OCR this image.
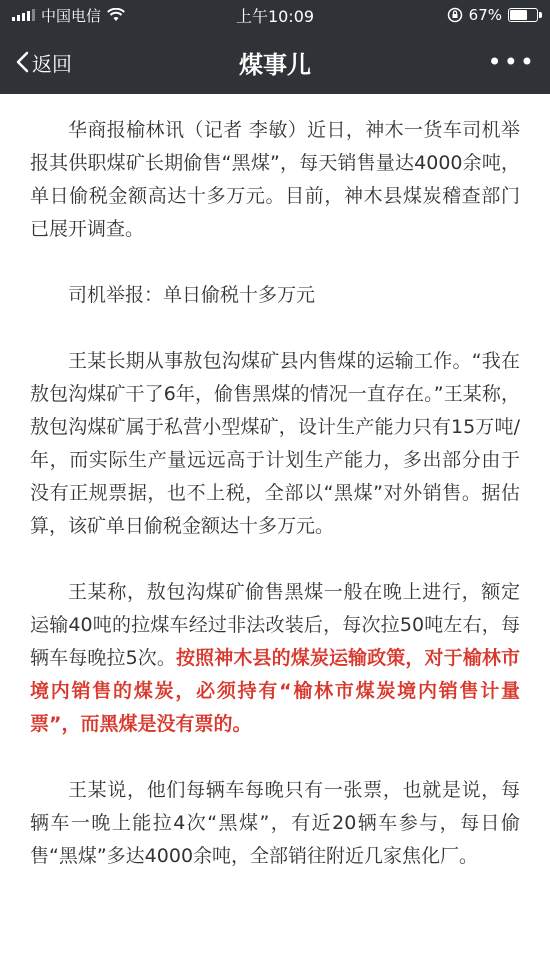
中国电信	上午10:09	67%
返回	煤事儿	•••

华商报榆林讯（记者 李敏）近日，神木一货车司机举报其供职煤矿长期偷售“黑煤”，每天销售量达4000余吨，单日偷税金额高达十多万元。目前，神木县煤炭稽查部门已展开调查。

司机举报：单日偷税十多万元

王某长期从事敖包沟煤矿县内售煤的运输工作。“我在敖包沟煤矿干了6年，偷售黑煤的情况一直存在。”王某称，敖包沟煤矿属于私营小型煤矿，设计生产能力只有15万吨/年，而实际生产量远远高于计划生产能力，多出部分由于没有正规票据，也不上税，全部以“黑煤”对外销售。据估算，该矿单日偷税金额达十多万元。

王某称，敖包沟煤矿偷售黑煤一般在晚上进行，额定运输40吨的拉煤车经过非法改装后，每次拉50吨左右，每辆车每晚拉5次。按照神木县的煤炭运输政策，对于榆林市境内销售的煤炭，必须持有“榆林市煤炭境内销售计量票”，而黑煤是没有票的。

王某说，他们每辆车每晚只有一张票，也就是说，每辆车一晚上能拉4次“黑煤”，有近20辆车参与，每日偷售“黑煤”多达4000余吨，全部销往附近几家焦化厂。
